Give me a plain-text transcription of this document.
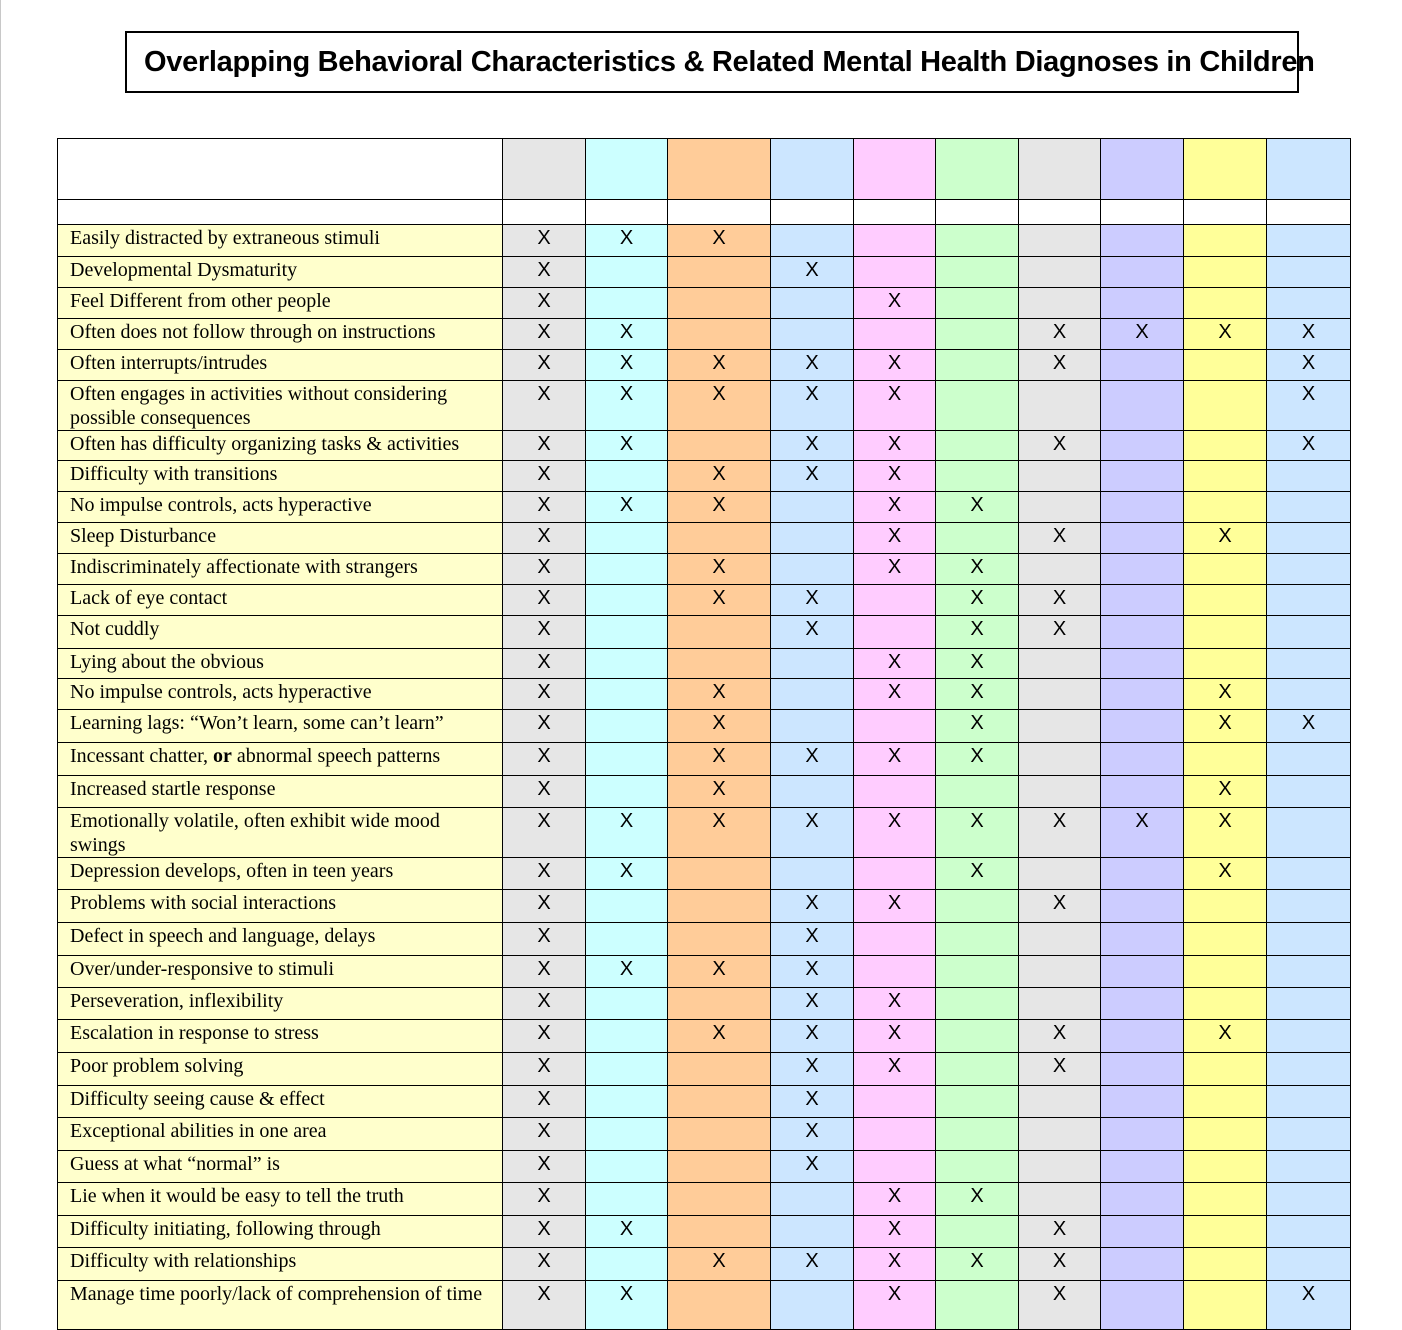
Overlapping Behavioral Characteristics & Related Mental Health Diagnoses in Children

Easily distracted by extraneous stimuli	X	X	X							
Developmental Dysmaturity	X			X						
Feel Different from other people	X				X					
Often does not follow through on instructions	X	X					X	X	X	X
Often interrupts/intrudes	X	X	X	X	X		X			X
Often engages in activities without considering possible consequences	X	X	X	X	X					X
Often has difficulty organizing tasks & activities	X	X		X	X		X			X
Difficulty with transitions	X		X	X	X					
No impulse controls, acts hyperactive	X	X	X		X	X				
Sleep Disturbance	X				X		X		X	
Indiscriminately affectionate with strangers	X		X		X	X				
Lack of eye contact	X		X	X		X	X			
Not cuddly	X			X		X	X			
Lying about the obvious	X				X	X				
No impulse controls, acts hyperactive	X		X		X	X			X	
Learning lags: “Won’t learn, some can’t learn”	X		X			X			X	X
Incessant chatter, or abnormal speech patterns	X		X	X	X	X				
Increased startle response	X		X						X	
Emotionally volatile, often exhibit wide mood swings	X	X	X	X	X	X	X	X	X	
Depression develops, often in teen years	X	X				X			X	
Problems with social interactions	X			X	X		X			
Defect in speech and language, delays	X			X						
Over/under-responsive to stimuli	X	X	X	X						
Perseveration, inflexibility	X			X	X					
Escalation in response to stress	X		X	X	X		X		X	
Poor problem solving	X			X	X		X			
Difficulty seeing cause & effect	X			X						
Exceptional abilities in one area	X			X						
Guess at what “normal” is	X			X						
Lie when it would be easy to tell the truth	X				X	X				
Difficulty initiating, following through	X	X			X		X			
Difficulty with relationships	X		X	X	X	X	X			
Manage time poorly/lack of comprehension of time	X	X			X		X			X
